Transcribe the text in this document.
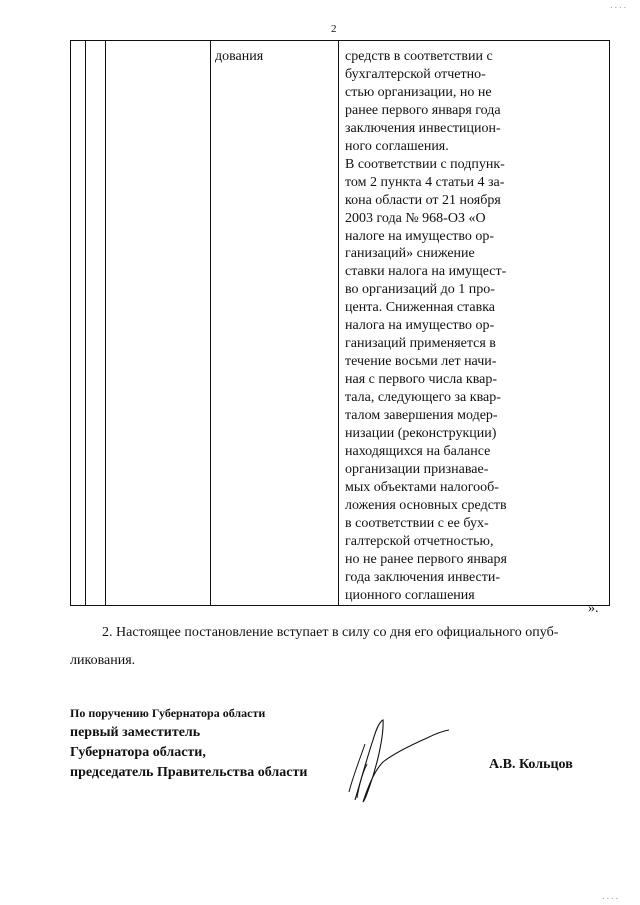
2
. . . .

дования	средств в соответствии с
бухгалтерской отчетно-
стью организации, но не
ранее первого января года
заключения инвестицион-
ного соглашения.
В соответствии с подпунк-
том 2 пункта 4 статьи 4 за-
кона области от 21 ноября
2003 года № 968-ОЗ «О
налоге на имущество ор-
ганизаций» снижение
ставки налога на имущест-
во организаций до 1 про-
цента. Сниженная ставка
налога на имущество ор-
ганизаций применяется в
течение восьми лет начи-
ная с первого числа квар-
тала, следующего за квар-
талом завершения модер-
низации (реконструкции)
находящихся на балансе
организации признавае-
мых объектами налогооб-
ложения основных средств
в соответствии с ее бух-
галтерской отчетностью,
но не ранее первого января
года заключения инвести-
ционного соглашения
».
2. Настоящее постановление вступает в силу со дня его официального опуб-
ликования.
По поручению Губернатора области
первый заместитель
Губернатора области,
председатель Правительства области
А.В. Кольцов
. . . .
